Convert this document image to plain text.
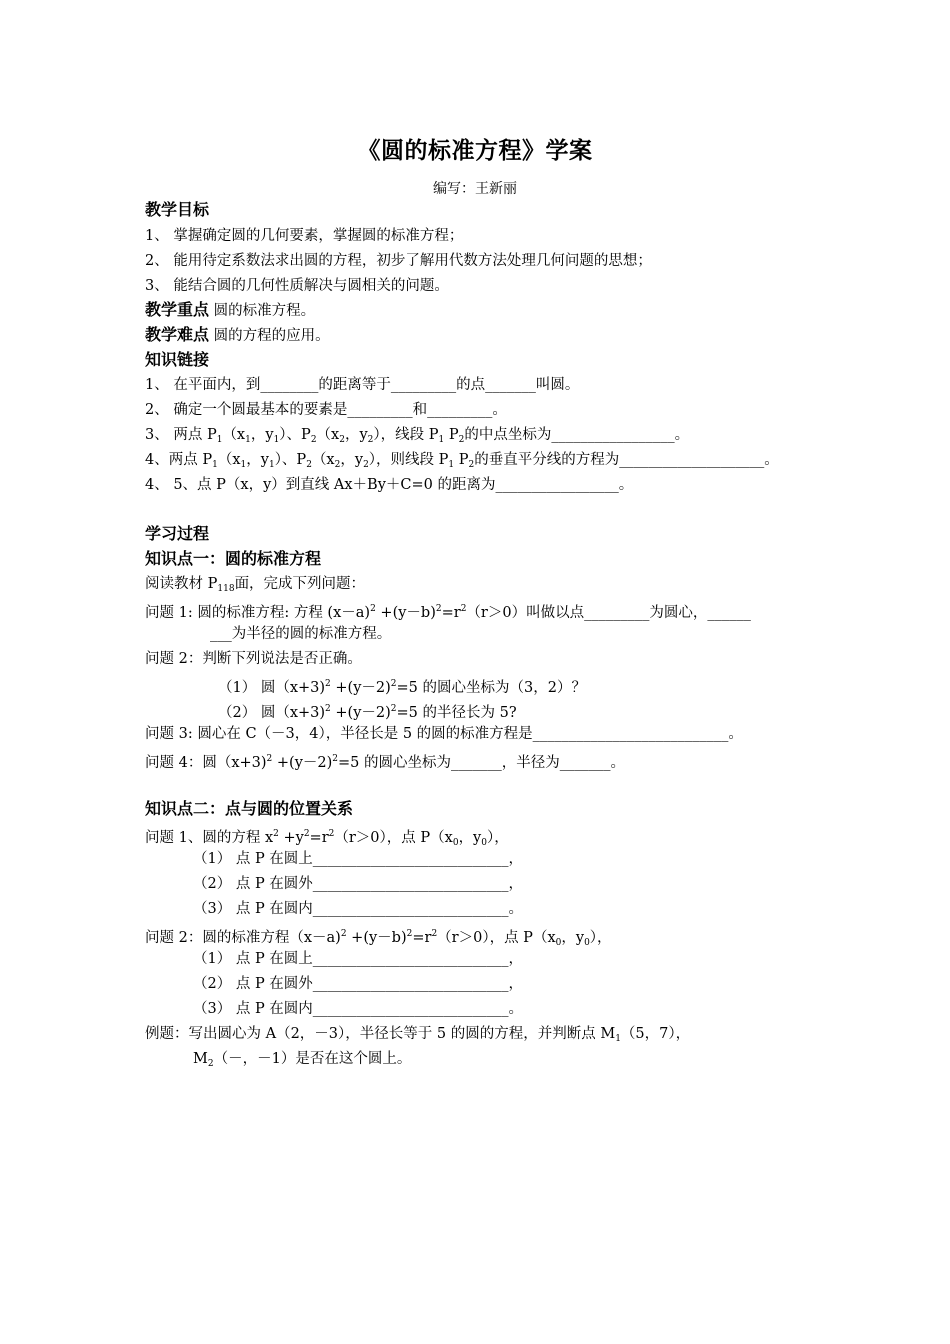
《圆的标准方程》学案
编写：王新丽
教学目标
1、 掌握确定圆的几何要素，掌握圆的标准方程；
2、 能用待定系数法求出圆的方程，初步了解用代数方法处理几何问题的思想；
3、 能结合圆的几何性质解决与圆相关的问题。
教学重点 圆的标准方程。
教学难点 圆的方程的应用。
知识链接
1、 在平面内，到________的距离等于_________的点_______叫圆。
2、 确定一个圆最基本的要素是_________和_________。
3、 两点 $P_1(x_1$，$y_1$）、$P_2(x_2$，$y_2$），线段 $P_1$ $P_2$的中点坐标为_________________。
4、两点 $P_1(x_1$，$y_1$）、$P_2(x_2$，$y_2$），则线段 $P_1$ $P_2$的垂直平分线的方程为____________________。
4、 5、点 P（x，y）到直线 Ax＋By＋C=0 的距离为_________________。
学习过程
知识点一：圆的标准方程
阅读教材 $P_{118}$面，完成下列问题：
问题 1: 圆的标准方程: 方程 $(x-a)^2 +(y-b)^2=r^2(r>0)$叫做以点_________为圆心，______
___为半径的圆的标准方程。
问题 2：判断下列说法是否正确。
（1） 圆$(x+3)^2 +(y-2)^2=5$ 的圆心坐标为（3，2）？
（2） 圆$(x+3)^2 +(y-2)^2=5$ 的半径长为 5?
问题 3: 圆心在 C（－3，4），半径长是 5 的圆的标准方程是___________________________。
问题 4：圆$(x+3)^2 +(y-2)^2=5$ 的圆心坐标为_______，半径为_______。
知识点二：点与圆的位置关系
问题 1、圆的方程 $x^2 +y^2=r^2(r>0)$，点 $P(x_0$，$y_0$），
（1） 点 P 在圆上___________________________，
（2） 点 P 在圆外___________________________，
（3） 点 P 在圆内___________________________。
问题 2：圆的标准方程$(x-a)^2 +(y-b)^2=r^2(r>0)$，点 $P(x_0$，$y_0$），
（1） 点 P 在圆上___________________________，
（2） 点 P 在圆外___________________________，
（3） 点 P 在圆内___________________________。
例题：写出圆心为 A（2，－3），半径长等于 5 的圆的方程，并判断点 $M_1(5$，7），
$M_2(-$，－1）是否在这个圆上。
